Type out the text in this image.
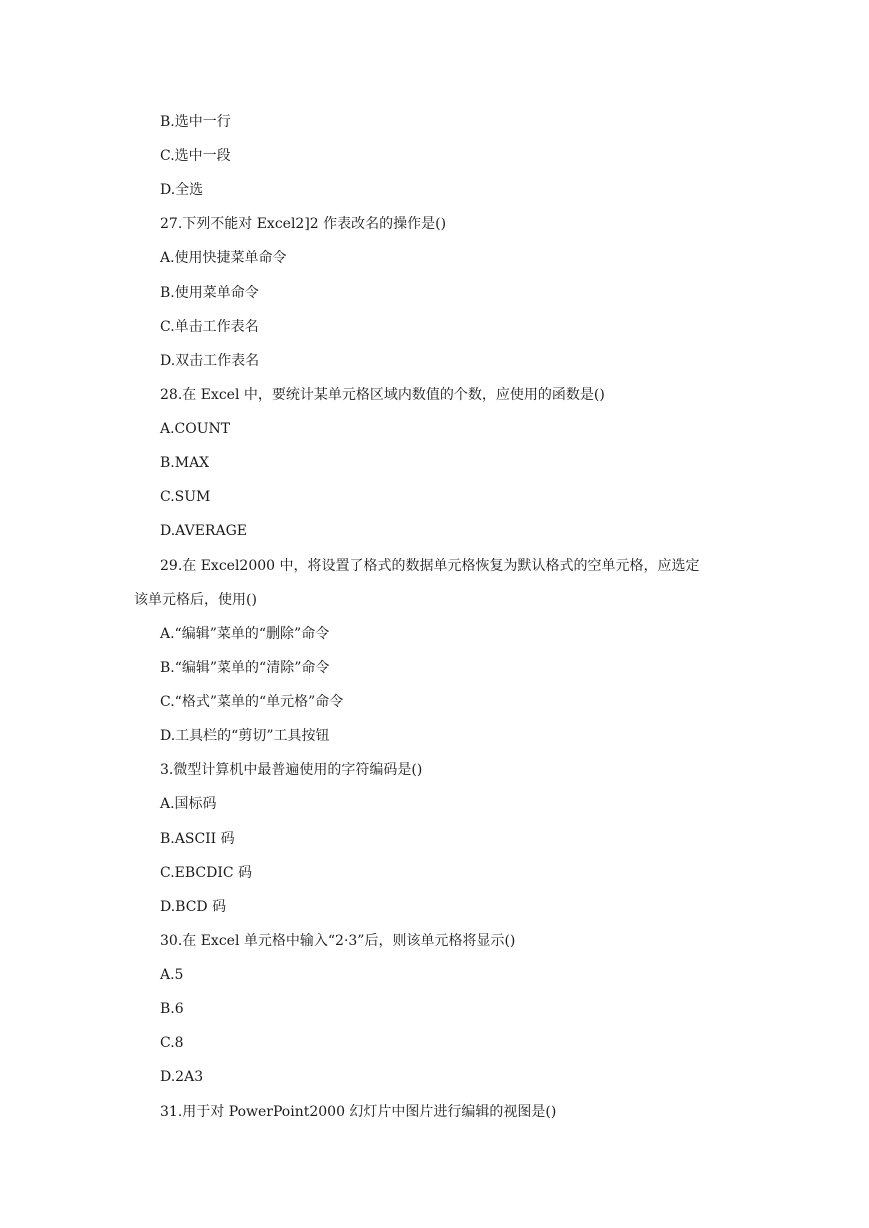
B.选中一行
C.选中一段
D.全选
27.下列不能对 Excel2]2 作表改名的操作是()
A.使用快捷菜单命令
B.使用菜单命令
C.单击工作表名
D.双击工作表名
28.在 Excel 中，要统计某单元格区域内数值的个数，应使用的函数是()
A.COUNT
B.MAX
C.SUM
D.AVERAGE
29.在 Excel2000 中，将设置了格式的数据单元格恢复为默认格式的空单元格，应选定
该单元格后，使用()
A.“编辑”菜单的“删除”命令
B.“编辑”菜单的“清除”命令
C.“格式”菜单的“单元格”命令
D.工具栏的“剪切”工具按钮
3.微型计算机中最普遍使用的字符编码是()
A.国标码
B.ASCII 码
C.EBCDIC 码
D.BCD 码
30.在 Excel 单元格中输入“2·3”后，则该单元格将显示()
A.5
B.6
C.8
D.2A3
31.用于对 PowerPoint2000 幻灯片中图片进行编辑的视图是()
